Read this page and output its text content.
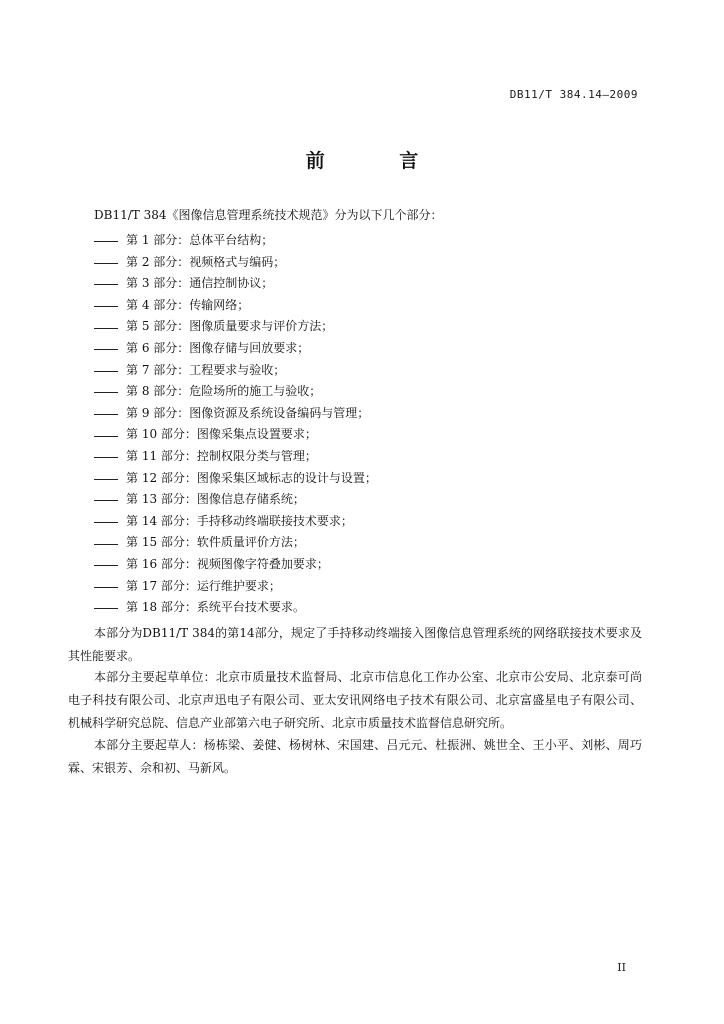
DB11/T 384.14—2009
前 言
DB11/T 384《图像信息管理系统技术规范》分为以下几个部分：
第 1 部分：总体平台结构；
第 2 部分：视频格式与编码；
第 3 部分：通信控制协议；
第 4 部分：传输网络；
第 5 部分：图像质量要求与评价方法；
第 6 部分：图像存储与回放要求；
第 7 部分：工程要求与验收；
第 8 部分：危险场所的施工与验收；
第 9 部分：图像资源及系统设备编码与管理；
第 10 部分：图像采集点设置要求；
第 11 部分：控制权限分类与管理；
第 12 部分：图像采集区域标志的设计与设置；
第 13 部分：图像信息存储系统；
第 14 部分：手持移动终端联接技术要求；
第 15 部分：软件质量评价方法；
第 16 部分：视频图像字符叠加要求；
第 17 部分：运行维护要求；
第 18 部分：系统平台技术要求。

本部分为DB11/T 384的第14部分，规定了手持移动终端接入图像信息管理系统的网络联接技术要求及其性能要求。

本部分主要起草单位：北京市质量技术监督局、北京市信息化工作办公室、北京市公安局、北京泰可尚电子科技有限公司、北京声迅电子有限公司、亚太安讯网络电子技术有限公司、北京富盛星电子有限公司、机械科学研究总院、信息产业部第六电子研究所、北京市质量技术监督信息研究所。

本部分主要起草人：杨栋梁、姜健、杨树林、宋国建、吕元元、杜振洲、姚世全、王小平、刘彬、周巧霖、宋银芳、佘和初、马新风。

II
